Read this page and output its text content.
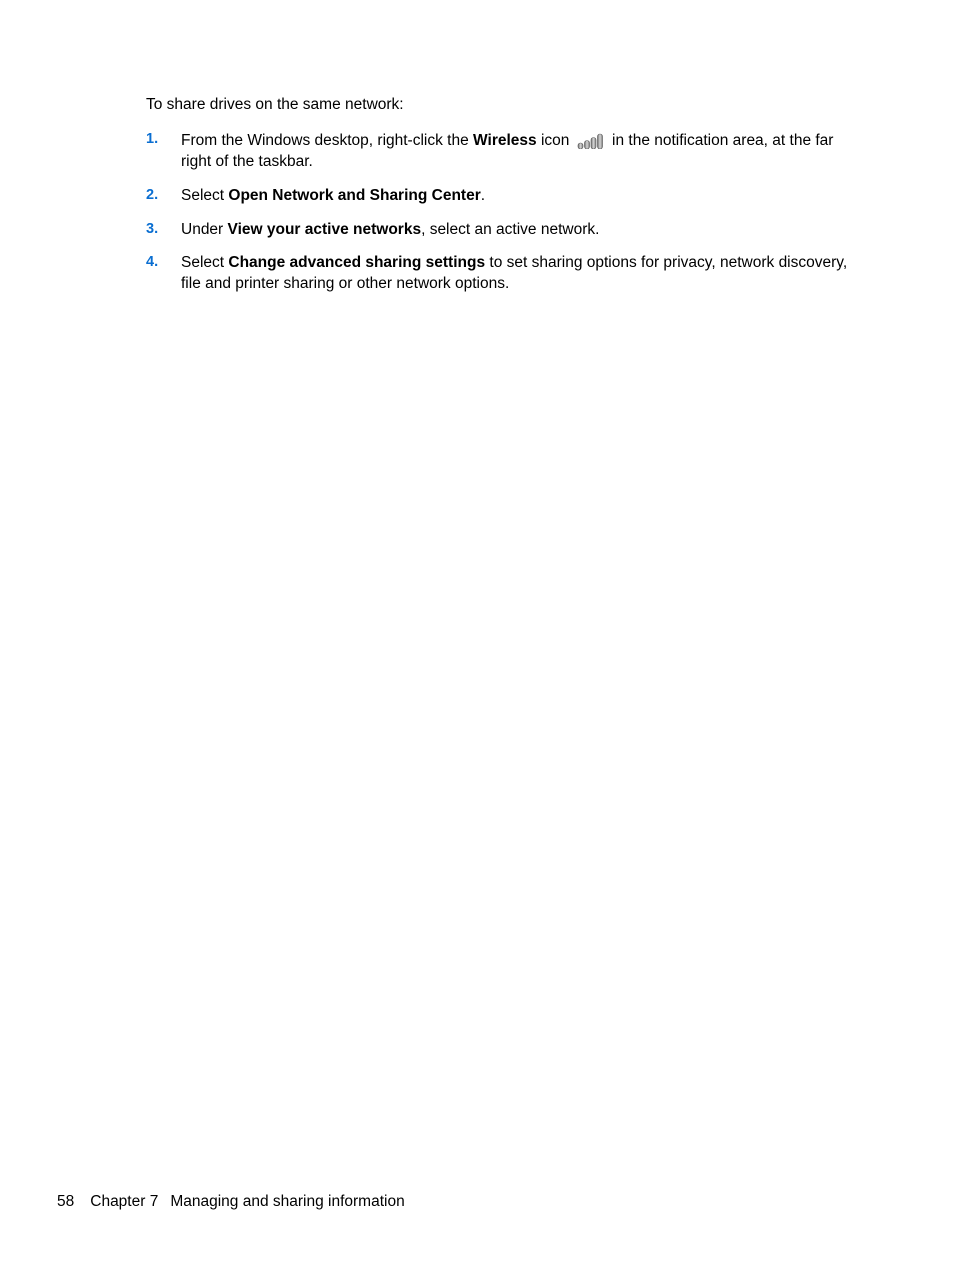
To share drives on the same network:

1. From the Windows desktop, right-click the Wireless icon  in the notification area, at the far right of the taskbar.
2. Select Open Network and Sharing Center.
3. Under View your active networks, select an active network.
4. Select Change advanced sharing settings to set sharing options for privacy, network discovery, file and printer sharing or other network options.
58 Chapter 7 Managing and sharing information
